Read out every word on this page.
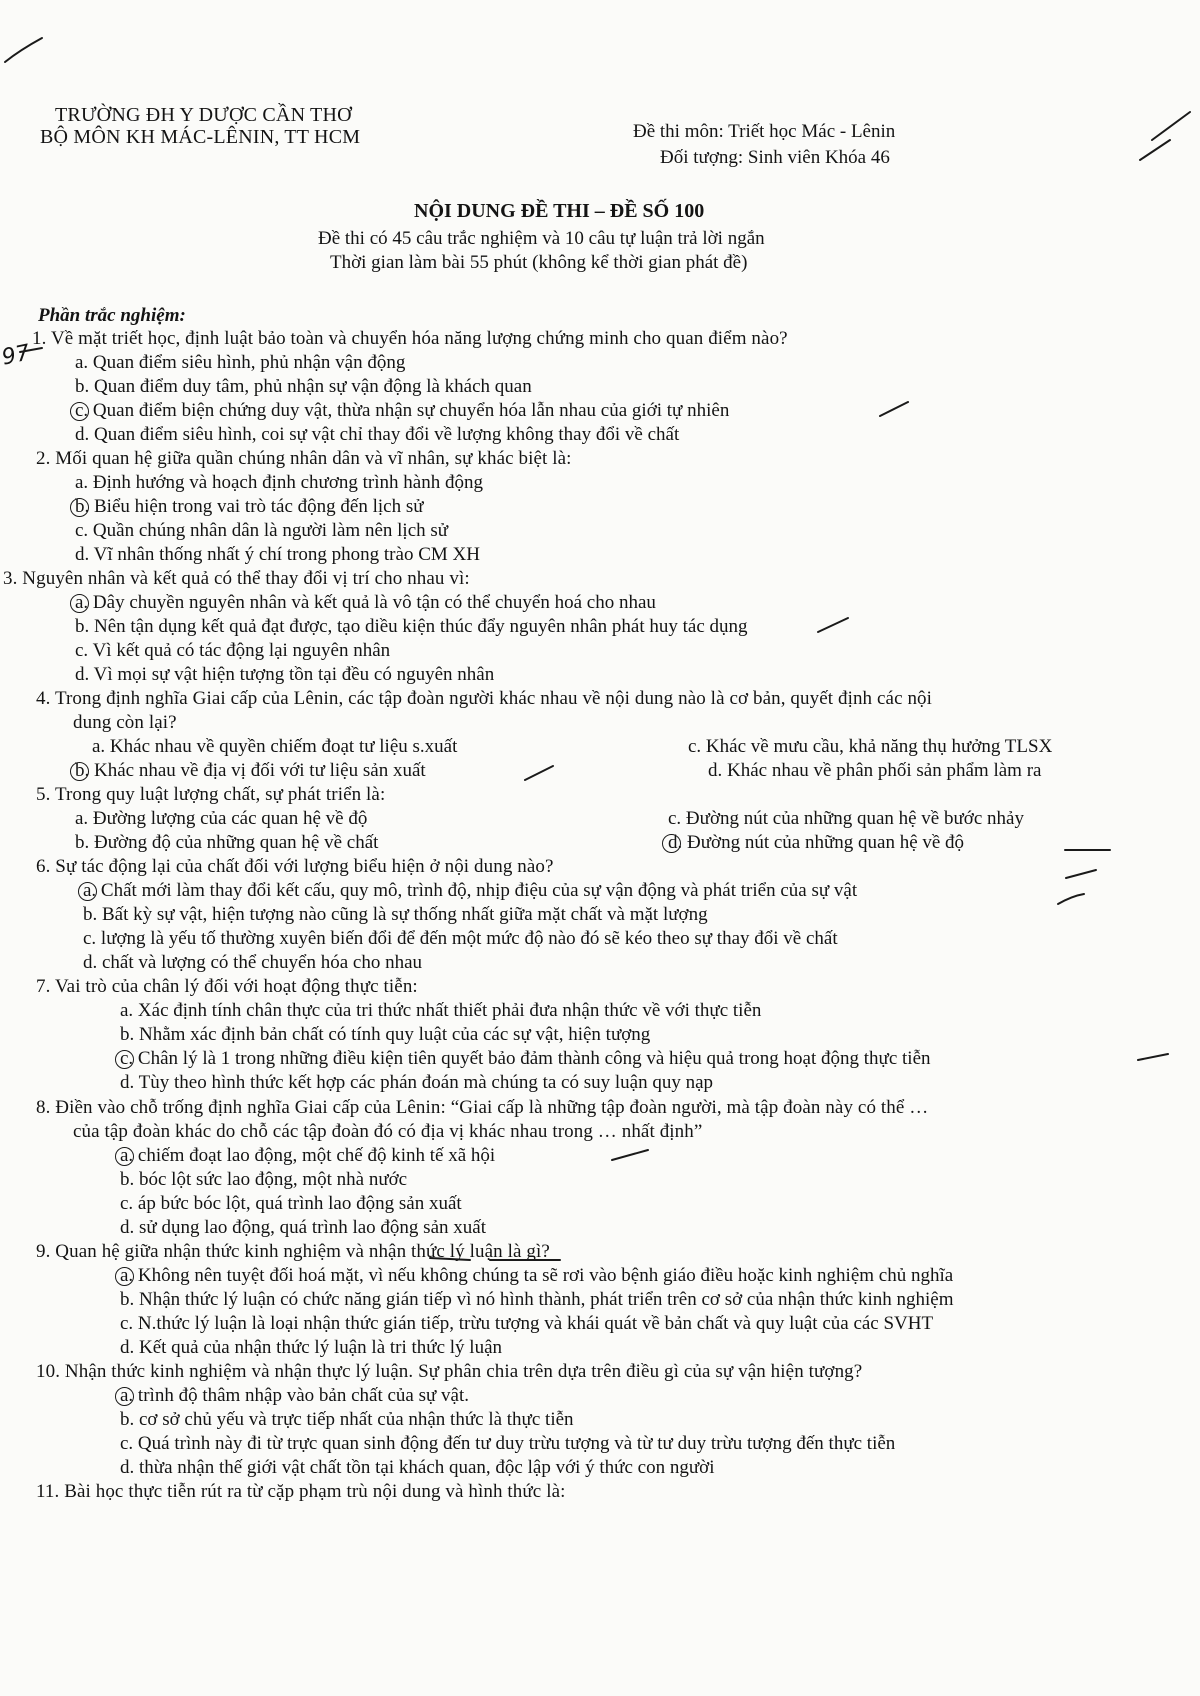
TRƯỜNG ĐH Y DƯỢC CẦN THƠ
BỘ MÔN KH MÁC-LÊNIN, TT HCM	Đề thi môn: Triết học Mác - Lênin
Đối tượng: Sinh viên Khóa 46
NỘI DUNG ĐỀ THI – ĐỀ SỐ 100
Đề thi có 45 câu trắc nghiệm và 10 câu tự luận trả lời ngắn
Thời gian làm bài 55 phút (không kể thời gian phát đề)
Phần trắc nghiệm:
1. Về mặt triết học, định luật bảo toàn và chuyển hóa năng lượng chứng minh cho quan điểm nào?
a. Quan điểm siêu hình, phủ nhận vận động
b. Quan điểm duy tâm, phủ nhận sự vận động là khách quan
c. Quan điểm biện chứng duy vật, thừa nhận sự chuyển hóa lẫn nhau của giới tự nhiên
d. Quan điểm siêu hình, coi sự vật chỉ thay đổi về lượng không thay đổi về chất
2. Mối quan hệ giữa quần chúng nhân dân và vĩ nhân, sự khác biệt là:
a. Định hướng và hoạch định chương trình hành động
b. Biểu hiện trong vai trò tác động đến lịch sử
c. Quần chúng nhân dân là người làm nên lịch sử
d. Vĩ nhân thống nhất ý chí trong phong trào CM XH
3. Nguyên nhân và kết quả có thể thay đổi vị trí cho nhau vì:
a. Dây chuyền nguyên nhân và kết quả là vô tận có thể chuyển hoá cho nhau
b. Nên tận dụng kết quả đạt được, tạo diều kiện thúc đẩy nguyên nhân phát huy tác dụng
c. Vì kết quả có tác động lại nguyên nhân
d. Vì mọi sự vật hiện tượng tồn tại đều có nguyên nhân
4. Trong định nghĩa Giai cấp của Lênin, các tập đoàn người khác nhau về nội dung nào là cơ bản, quyết định các nội
dung còn lại?
a. Khác nhau về quyền chiếm đoạt tư liệu s.xuất
b. Khác nhau về địa vị đối với tư liệu sản xuất
c. Khác về mưu cầu, khả năng thụ hưởng TLSX
d. Khác nhau về phân phối sản phẩm làm ra
5. Trong quy luật lượng chất, sự phát triển là:
a. Đường lượng của các quan hệ về độ
b. Đường độ của những quan hệ về chất
c. Đường nút của những quan hệ về bước nhảy
d. Đường nút của những quan hệ về độ
6. Sự tác động lại của chất đối với lượng biểu hiện ở nội dung nào?
a. Chất mới làm thay đổi kết cấu, quy mô, trình độ, nhịp điệu của sự vận động và phát triển của sự vật
b. Bất kỳ sự vật, hiện tượng nào cũng là sự thống nhất giữa mặt chất và mặt lượng
c. lượng là yếu tố thường xuyên biến đổi để đến một mức độ nào đó sẽ kéo theo sự thay đổi về chất
d. chất và lượng có thể chuyển hóa cho nhau
7. Vai trò của chân lý đối với hoạt động thực tiễn:
a. Xác định tính chân thực của tri thức nhất thiết phải đưa nhận thức về với thực tiễn
b. Nhằm xác định bản chất có tính quy luật của các sự vật, hiện tượng
c. Chân lý là 1 trong những điều kiện tiên quyết bảo đảm thành công và hiệu quả trong hoạt động thực tiễn
d. Tùy theo hình thức kết hợp các phán đoán mà chúng ta có suy luận quy nạp
8. Điền vào chỗ trống định nghĩa Giai cấp của Lênin: “Giai cấp là những tập đoàn người, mà tập đoàn này có thể …
của tập đoàn khác do chỗ các tập đoàn đó có địa vị khác nhau trong … nhất định”
a. chiếm đoạt lao động, một chế độ kinh tế xã hội
b. bóc lột sức lao động, một nhà nước
c. áp bức bóc lột, quá trình lao động sản xuất
d. sử dụng lao động, quá trình lao động sản xuất
9. Quan hệ giữa nhận thức kinh nghiệm và nhận thức lý luận là gì?
a. Không nên tuyệt đối hoá mặt, vì nếu không chúng ta sẽ rơi vào bệnh giáo điều hoặc kinh nghiệm chủ nghĩa
b. Nhận thức lý luận có chức năng gián tiếp vì nó hình thành, phát triển trên cơ sở của nhận thức kinh nghiệm
c. N.thức lý luận là loại nhận thức gián tiếp, trừu tượng và khái quát về bản chất và quy luật của các SVHT
d. Kết quả của nhận thức lý luận là tri thức lý luận
10. Nhận thức kinh nghiệm và nhận thực lý luận. Sự phân chia trên dựa trên điều gì của sự vận hiện tượng?
a. trình độ thâm nhập vào bản chất của sự vật.
b. cơ sở chủ yếu và trực tiếp nhất của nhận thức là thực tiễn
c. Quá trình này đi từ trực quan sinh động đến tư duy trừu tượng và từ tư duy trừu tượng đến thực tiễn
d. thừa nhận thế giới vật chất tồn tại khách quan, độc lập với ý thức con người
11. Bài học thực tiễn rút ra từ cặp phạm trù nội dung và hình thức là:
97
